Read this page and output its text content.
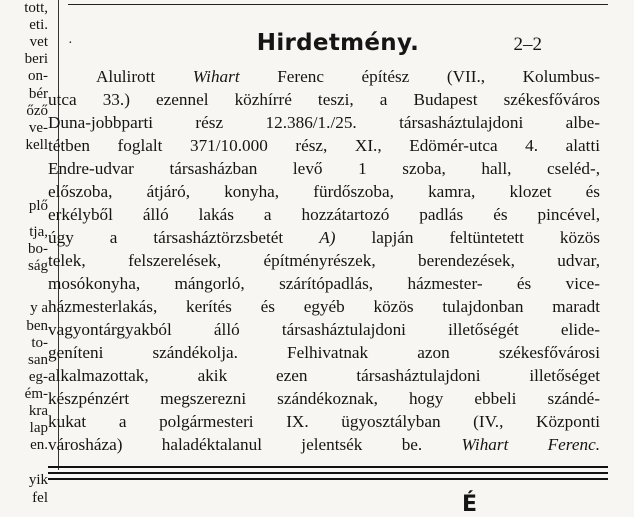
tott,
eti.
vet
beri
on-
bér
őző
ve-
kell
plő
tja,
bo-
ság
y a
ben
to-
san
eg-
ém-
kra
lap
en.
yik
fel
·	Hirdetmény.	2–2
Alulirott Wihart Ferenc építész (VII., Kolumbus-
utca 33.) ezennel közhírré teszi, a Budapest székesfőváros
Duna-jobbparti rész 12.386/1./25. társasháztulajdoni albe-
tétben foglalt 371/10.000 rész, XI., Edömér-utca 4. alatti
Endre-udvar társasházban levő 1 szoba, hall, cseléd-,
előszoba, átjáró, konyha, fürdőszoba, kamra, klozet és
erkélyből álló lakás a hozzátartozó padlás és pincével,
úgy a társasháztörzsbetét A) lapján feltüntetett közös
telek, felszerelések, építményrészek, berendezések, udvar,
mosókonyha, mángorló, szárítópadlás, házmester- és vice-
házmesterlakás, kerítés és egyéb közös tulajdonban maradt
vagyontárgyakból álló társasháztulajdoni illetőségét elide-
geníteni szándékolja. Felhivatnak azon székesfővárosi
alkalmazottak, akik ezen társasháztulajdoni illetőséget
készpénzért megszerezni szándékoznak, hogy ebbeli szándé-
kukat a polgármesteri IX. ügyosztályban (IV., Központi
városháza) haladéktalanul jelentsék be. Wihart Ferenc.
É
